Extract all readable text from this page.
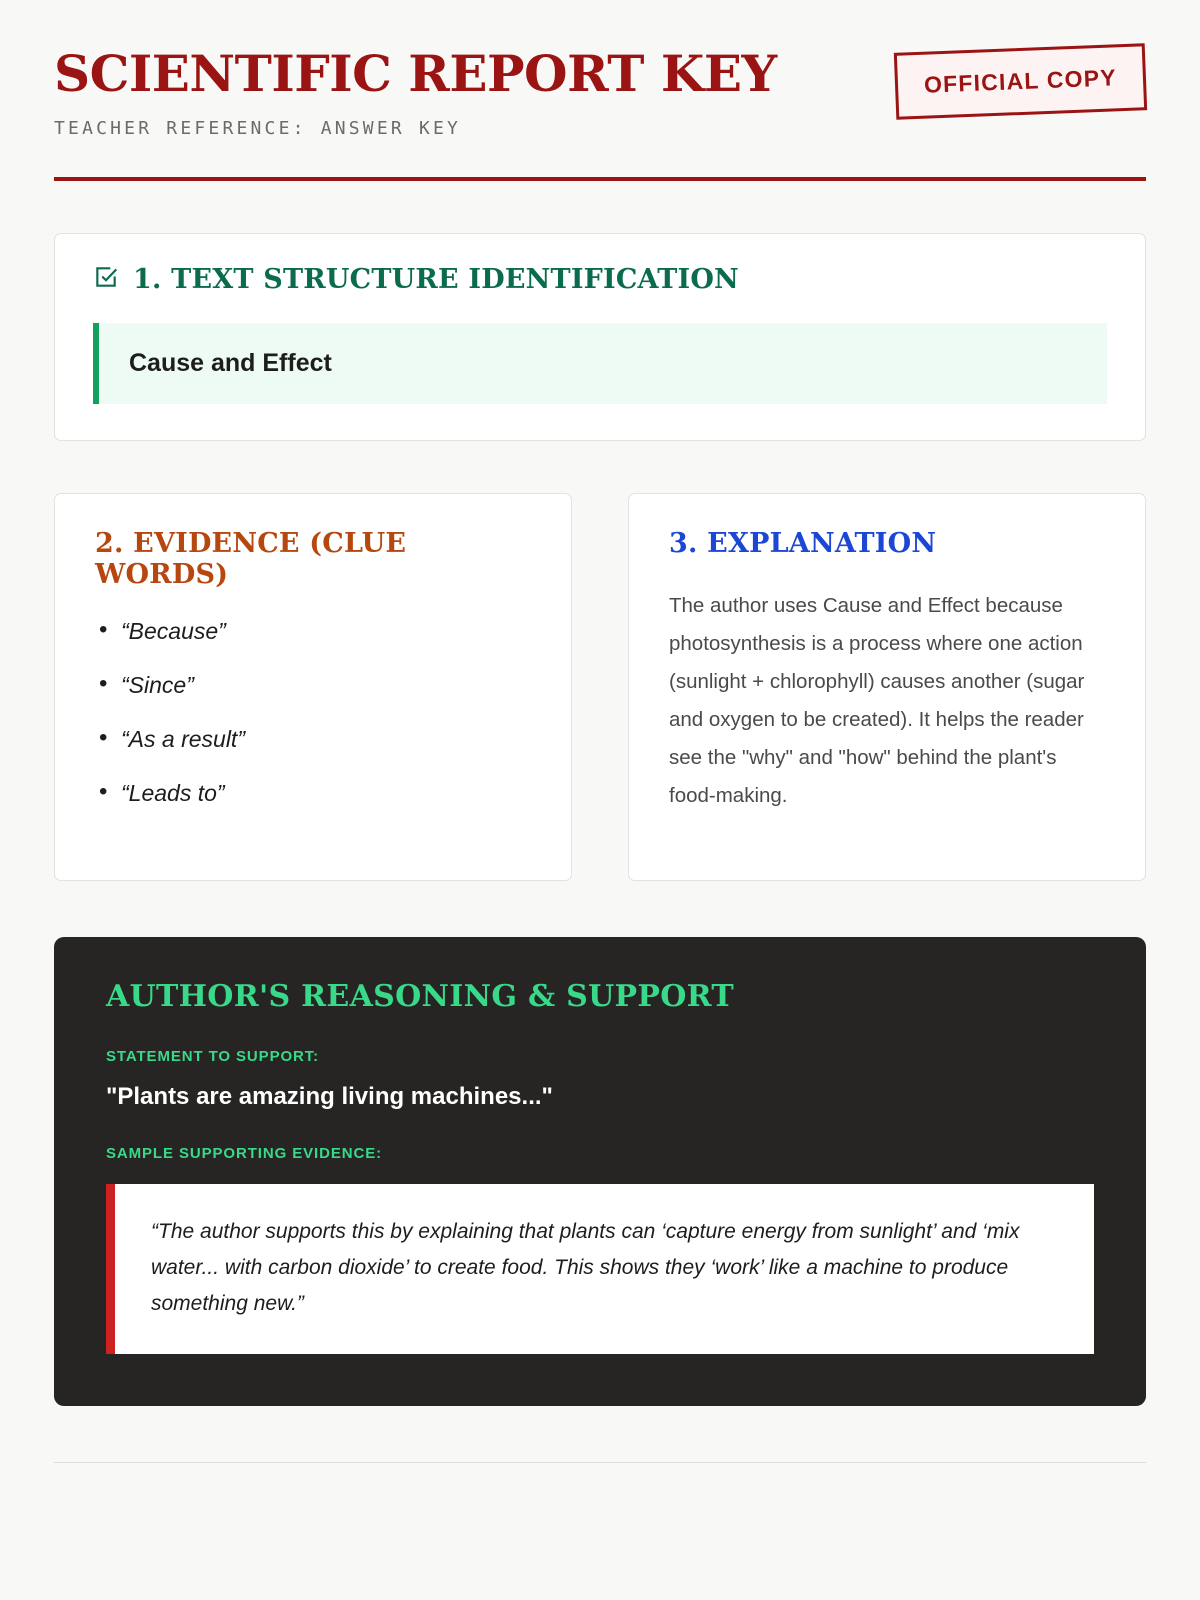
SCIENTIFIC REPORT KEY
TEACHER REFERENCE: ANSWER KEY
OFFICIAL COPY
1. TEXT STRUCTURE IDENTIFICATION
Cause and Effect
2. EVIDENCE (CLUE WORDS)
• “Because”
• “Since”
• “As a result”
• “Leads to”
3. EXPLANATION

The author uses Cause and Effect because photosynthesis is a process where one action (sunlight + chlorophyll) causes another (sugar and oxygen to be created). It helps the reader see the "why" and "how" behind the plant's food-making.

AUTHOR'S REASONING & SUPPORT
STATEMENT TO SUPPORT:
"Plants are amazing living machines..."
SAMPLE SUPPORTING EVIDENCE:

“The author supports this by explaining that plants can ‘capture energy from sunlight’ and ‘mix water... with carbon dioxide’ to create food. This shows they ‘work’ like a machine to produce something new.”
